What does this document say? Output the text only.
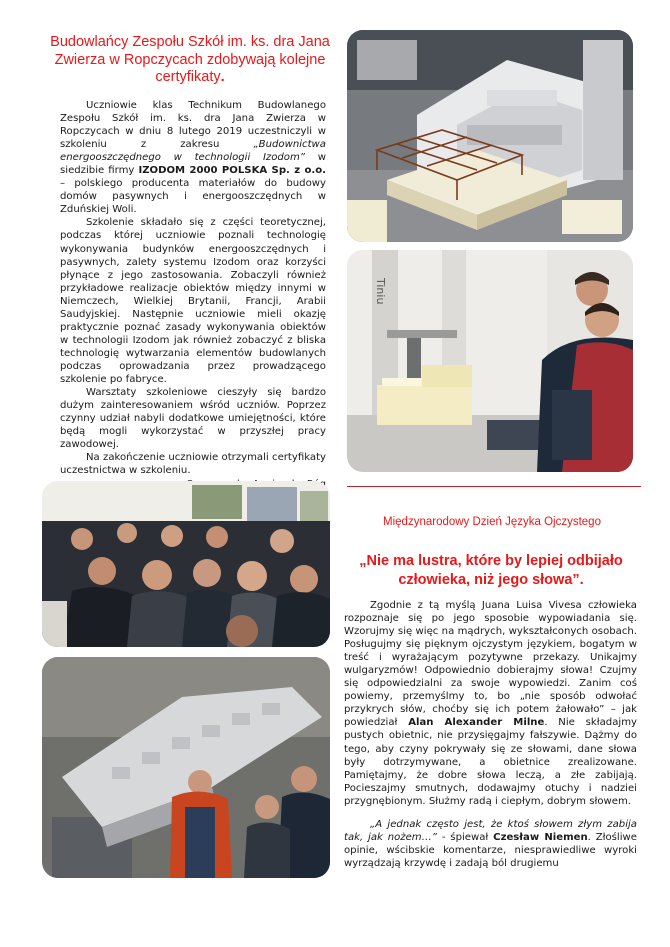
Budowlańcy Zespołu Szkół im. ks. dra Jana Zwierza w Ropczycach zdobywają kolejne certyfikaty.

Uczniowie klas Technikum Budowlanego Zespołu Szkół im. ks. dra Jana Zwierza w Ropczycach w dniu 8 lutego 2019 uczestniczyli w szkoleniu z zakresu „Budownictwa energooszczędnego w technologii Izodom” w siedzibie firmy IZODOM 2000 POLSKA Sp. z o.o. – polskiego producenta materiałów do budowy domów pasywnych i energooszczędnych w Zduńskiej Woli.

Szkolenie składało się z części teoretycznej, podczas której uczniowie poznali technologię wykonywania budynków energooszczędnych i pasywnych, zalety systemu Izodom oraz korzyści płynące z jego zastosowania. Zobaczyli również przykładowe realizacje obiektów między innymi w Niemczech, Wielkiej Brytanii, Francji, Arabii Saudyjskiej. Następnie uczniowie mieli okazję praktycznie poznać zasady wykonywania obiektów w technologii Izodom jak również zobaczyć z bliska technologię wytwarzania elementów budowlanych podczas oprowadzania przez prowadzącego szkolenie po fabryce.

Warsztaty szkoleniowe cieszyły się bardzo dużym zainteresowaniem wśród uczniów. Poprzez czynny udział nabyli dodatkowe umiejętności, które będą mogli wykorzystać w przyszłej pracy zawodowej.

Na zakończenie uczniowie otrzymali certyfikaty uczestnictwa w szkoleniu.

Tiniu
Międzynarodowy Dzień Języka Ojczystego
„Nie ma lustra, które by lepiej odbijało człowieka, niż jego słowa”.

Zgodnie z tą myślą Juana Luisa Vivesa człowieka rozpoznaje się po jego sposobie wypowiadania się. Wzorujmy się więc na mądrych, wykształconych osobach. Posługujmy się pięknym ojczystym językiem, bogatym w treść i wyrażającym pozytywne przekazy. Unikajmy wulgaryzmów! Odpowiednio dobierajmy słowa! Czujmy się odpowiedzialni za swoje wypowiedzi. Zanim coś powiemy, przemyślmy to, bo „nie sposób odwołać przykrych słów, choćby się ich potem żałowało” – jak powiedział Alan Alexander Milne. Nie składajmy pustych obietnic, nie przysięgajmy fałszywie. Dążmy do tego, aby czyny pokrywały się ze słowami, dane słowa były dotrzymywane, a obietnice zrealizowane. Pamiętajmy, że dobre słowa leczą, a złe zabijają. Pocieszajmy smutnych, dodawajmy otuchy i nadziei przygnębionym. Służmy radą i ciepłym, dobrym słowem.

„A jednak często jest, że ktoś słowem złym zabija tak, jak nożem…” - śpiewał Czesław Niemen. Złośliwe opinie, wścibskie komentarze, niesprawiedliwe wyroki wyrządzają krzywdę i zadają ból drugiemu
